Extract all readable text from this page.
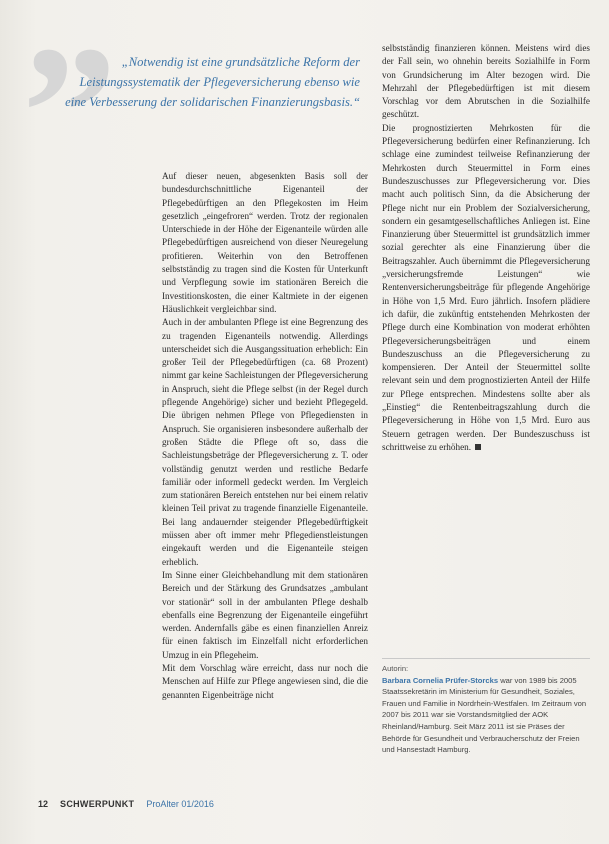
” „Notwendig ist eine grundsätzliche Reform der Leistungssystematik der Pflegeversicherung ebenso wie eine Verbesserung der solidarischen Finanzierungsbasis.“

Auf dieser neuen, abgesenkten Basis soll der bundesdurchschnittliche Eigenanteil der Pflegebedürftigen an den Pflegekosten im Heim gesetzlich „eingefroren“ werden. Trotz der regionalen Unterschiede in der Höhe der Eigenanteile würden alle Pflegebedürftigen ausreichend von dieser Neuregelung profitieren. Weiterhin von den Betroffenen selbstständig zu tragen sind die Kosten für Unterkunft und Verpflegung sowie im stationären Bereich die Investitionskosten, die einer Kaltmiete in der eigenen Häuslichkeit vergleichbar sind.

Auch in der ambulanten Pflege ist eine Begrenzung des zu tragenden Eigenanteils notwendig. Allerdings unterscheidet sich die Ausgangssituation erheblich: Ein großer Teil der Pflegebedürftigen (ca. 68 Prozent) nimmt gar keine Sachleistungen der Pflegeversicherung in Anspruch, sieht die Pflege selbst (in der Regel durch pflegende Angehörige) sicher und bezieht Pflegegeld. Die übrigen nehmen Pflege von Pflegediensten in Anspruch. Sie organisieren insbesondere außerhalb der großen Städte die Pflege oft so, dass die Sachleistungsbeträge der Pflegeversicherung z. T. oder vollständig genutzt werden und restliche Bedarfe familiär oder informell gedeckt werden. Im Vergleich zum stationären Bereich entstehen nur bei einem relativ kleinen Teil privat zu tragende finanzielle Eigenanteile. Bei lang andauernder steigender Pflegebedürftigkeit müssen aber oft immer mehr Pflegedienstleistungen eingekauft werden und die Eigenanteile steigen erheblich.

Im Sinne einer Gleichbehandlung mit dem stationären Bereich und der Stärkung des Grundsatzes „ambulant vor stationär“ soll in der ambulanten Pflege deshalb ebenfalls eine Begrenzung der Eigenanteile eingeführt werden. Andernfalls gäbe es einen finanziellen Anreiz für einen faktisch im Einzelfall nicht erforderlichen Umzug in ein Pflegeheim.

Mit dem Vorschlag wäre erreicht, dass nur noch die Menschen auf Hilfe zur Pflege angewiesen sind, die die genannten Eigenbeiträge nicht

selbstständig finanzieren können. Meistens wird dies der Fall sein, wo ohnehin bereits Sozialhilfe in Form von Grundsicherung im Alter bezogen wird. Die Mehrzahl der Pflegebedürftigen ist mit diesem Vorschlag vor dem Abrutschen in die Sozialhilfe geschützt.

Die prognostizierten Mehrkosten für die Pflegeversicherung bedürfen einer Refinanzierung. Ich schlage eine zumindest teilweise Refinanzierung der Mehrkosten durch Steuermittel in Form eines Bundeszuschusses zur Pflegeversicherung vor. Dies macht auch politisch Sinn, da die Absicherung der Pflege nicht nur ein Problem der Sozialversicherung, sondern ein gesamtgesellschaftliches Anliegen ist. Eine Finanzierung über Steuermittel ist grundsätzlich immer sozial gerechter als eine Finanzierung über die Beitragszahler. Auch übernimmt die Pflegeversicherung „versicherungsfremde Leistungen“ wie Rentenversicherungsbeiträge für pflegende Angehörige in Höhe von 1,5 Mrd. Euro jährlich. Insofern plädiere ich dafür, die zukünftig entstehenden Mehrkosten der Pflege durch eine Kombination von moderat erhöhten Pflegeversicherungsbeiträgen und einem Bundeszuschuss an die Pflegeversicherung zu kompensieren. Der Anteil der Steuermittel sollte relevant sein und dem prognostizierten Anteil der Hilfe zur Pflege entsprechen. Mindestens sollte aber als „Einstieg“ die Rentenbeitragszahlung durch die Pflegeversicherung in Höhe von 1,5 Mrd. Euro aus Steuern getragen werden. Der Bundeszuschuss ist schrittweise zu erhöhen.

Autorin:
Barbara Cornelia Prüfer-Storcks war von 1989 bis 2005 Staatssekretärin im Ministerium für Gesundheit, Soziales, Frauen und Familie in Nordrhein-Westfalen. Im Zeitraum von 2007 bis 2011 war sie Vorstandsmitglied der AOK Rheinland/Hamburg. Seit März 2011 ist sie Präses der Behörde für Gesundheit und Verbraucherschutz der Freien und Hansestadt Hamburg.
12 SCHWERPUNKT ProAlter 01/2016
